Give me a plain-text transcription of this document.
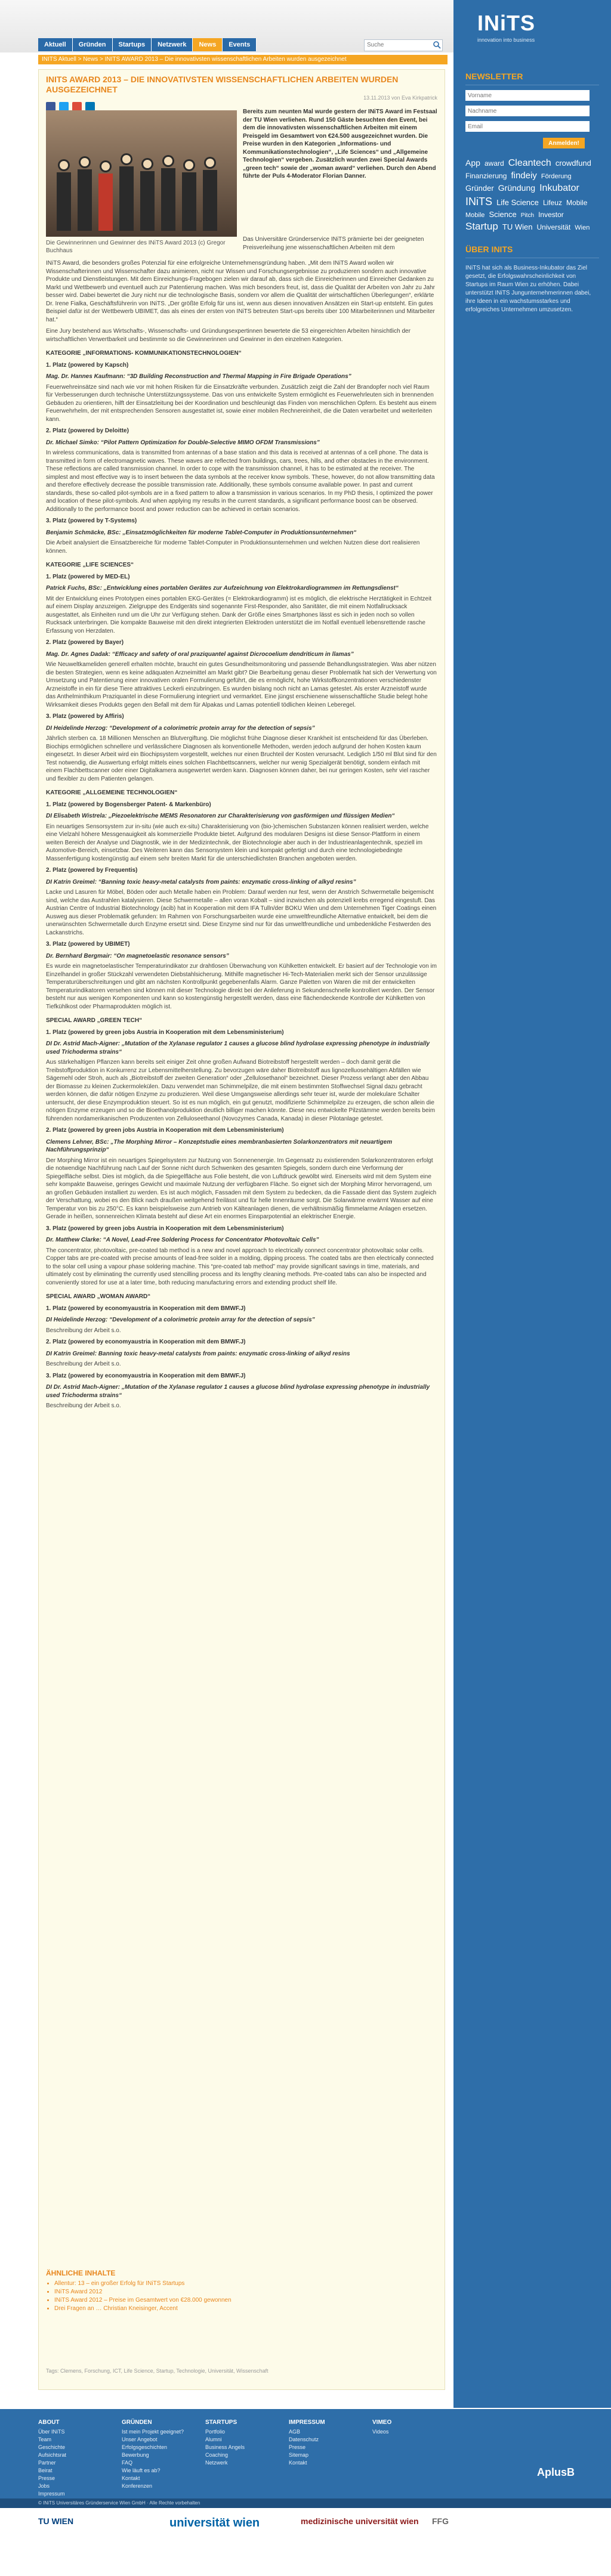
Aktuell	Gründen	Startups	Netzwerk	News	Events
Suche
INITS Aktuell > News > INITS AWARD 2013 – Die innovativsten wissenschaftlichen Arbeiten wurden ausgezeichnet
INiTS
innovation into business
NEWSLETTER
Vorname
Nachname
Email
Anmelden!
App award Cleantech crowdfund Finanzierung findeiy Förderung Gründer Gründung Inkubator INiTS Life Science Lifeuz Mobile Mobile Science Pitch Investor Startup TU Wien Universität Wien
ÜBER INITS
INiTS hat sich als Business-Inkubator das Ziel gesetzt, die Erfolgswahrscheinlichkeit von Startups im Raum Wien zu erhöhen. Dabei unterstützt INiTS Jungunternehmerinnen dabei, ihre Ideen in ein wachstumsstarkes und erfolgreiches Unternehmen umzusetzen.
INITS AWARD 2013 – DIE INNOVATIVSTEN WISSENSCHAFTLICHEN ARBEITEN WURDEN AUSGEZEICHNET
13.11.2013 von Eva Kirkpatrick
Die Gewinnerinnen und Gewinner des INiTS Award 2013 (c) Gregor Buchhaus
Bereits zum neunten Mal wurde gestern der INiTS Award im Festsaal der TU Wien verliehen. Rund 150 Gäste besuchten den Event, bei dem die innovativsten wissenschaftlichen Arbeiten mit einem Preisgeld im Gesamtwert von €24.500 ausgezeichnet wurden. Die Preise wurden in den Kategorien „Informations- und Kommunikationstechnologien“, „Life Sciences“ und „Allgemeine Technologien“ vergeben. Zusätzlich wurden zwei Special Awards „green tech“ sowie der „woman award“ verliehen. Durch den Abend führte der Puls 4-Moderator Florian Danner.
Das Universitäre Gründerservice INiTS prämierte bei der geeigneten Preisverleihung jene wissenschaftlichen Arbeiten mit dem

INiTS Award, die besonders großes Potenzial für eine erfolgreiche Unternehmensgründung haben. „Mit dem INiTS Award wollen wir Wissenschafterinnen und Wissenschafter dazu animieren, nicht nur Wissen und Forschungsergebnisse zu produzieren sondern auch innovative Produkte und Dienstleistungen. Mit dem Einreichungs-Fragebogen zielen wir darauf ab, dass sich die Einreicherinnen und Einreicher Gedanken zu Markt und Wettbewerb und eventuell auch zur Patentierung machen. Was mich besonders freut, ist, dass die Qualität der Arbeiten von Jahr zu Jahr besser wird. Dabei bewertet die Jury nicht nur die technologische Basis, sondern vor allem die Qualität der wirtschaftlichen Überlegungen“, erklärte Dr. Irene Fialka, Geschäftsführerin von INiTS. „Der größte Erfolg für uns ist, wenn aus diesen innovativen Ansätzen ein Start-up entsteht. Ein gutes Beispiel dafür ist der Wettbewerb UBIMET, das als eines der ersten von INiTS betreuten Start-ups bereits über 100 Mitarbeiterinnen und Mitarbeiter hat.“

Eine Jury bestehend aus Wirtschafts-, Wissenschafts- und Gründungsexpertinnen bewertete die 53 eingereichten Arbeiten hinsichtlich der wirtschaftlichen Verwertbarkeit und bestimmte so die Gewinnerinnen und Gewinner in den einzelnen Kategorien.

KATEGORIE „INFORMATIONS- KOMMUNIKATIONSTECHNOLOGIEN“
1. Platz (powered by Kapsch)
Mag. Dr. Hannes Kaufmann: “3D Building Reconstruction and Thermal Mapping in Fire Brigade Operations”

Feuerwehreinsätze sind nach wie vor mit hohen Risiken für die Einsatzkräfte verbunden. Zusätzlich zeigt die Zahl der Brandopfer noch viel Raum für Verbesserungen durch technische Unterstützungssysteme. Das von uns entwickelte System ermöglicht es Feuerwehrleuten sich in brennenden Gebäuden zu orientieren, hilft der Einsatzleitung bei der Koordination und beschleunigt das Finden von menschlichen Opfern. Es besteht aus einem Feuerwehrhelm, der mit entsprechenden Sensoren ausgestattet ist, sowie einer mobilen Rechnereinheit, die die Daten verarbeitet und weiterleiten kann.

2. Platz (powered by Deloitte)
Dr. Michael Simko: “Pilot Pattern Optimization for Double-Selective MIMO OFDM Transmissions”

In wireless communications, data is transmitted from antennas of a base station and this data is received at antennas of a cell phone. The data is transmitted in form of electromagnetic waves. These waves are reflected from buildings, cars, trees, hills, and other obstacles in the environment. These reflections are called transmission channel. In order to cope with the transmission channel, it has to be estimated at the receiver. The simplest and most effective way is to insert between the data symbols at the receiver know symbols. These, however, do not allow transmitting data and therefore effectively decrease the possible transmission rate. Additionally, these symbols consume available power. In past and current standards, these so-called pilot-symbols are in a fixed pattern to allow a transmission in various scenarios. In my PhD thesis, I optimized the power and location of these pilot-symbols. And when applying my results in the current standards, a significant performance boost can be observed. Additionally to the performance boost and power reduction can be achieved in certain scenarios.

3. Platz (powered by T-Systems)
Benjamin Schmäcke, BSc: „Einsatzmöglichkeiten für moderne Tablet-Computer in Produktionsunternehmen“

Die Arbeit analysiert die Einsatzbereiche für moderne Tablet-Computer in Produktionsunternehmen und welchen Nutzen diese dort realisieren können.

KATEGORIE „LIFE SCIENCES“
1. Platz (powered by MED-EL)
Patrick Fuchs, BSc: „Entwicklung eines portablen Gerätes zur Aufzeichnung von Elektrokardiogrammen im Rettungsdienst“

Mit der Entwicklung eines Prototypen eines portablen EKG-Gerätes (= Elektrokardiogramm) ist es möglich, die elektrische Herztätigkeit in Echtzeit auf einem Display anzuzeigen. Zielgruppe des Endgeräts sind sogenannte First-Responder, also Sanitäter, die mit einem Notfallrucksack ausgestattet, als Einheiten rund um die Uhr zur Verfügung stehen. Dank der Größe eines Smartphones lässt es sich in jeden noch so vollen Rucksack unterbringen. Die kompakte Bauweise mit den direkt integrierten Elektroden unterstützt die im Notfall eventuell lebensrettende rasche Erfassung von Herzdaten.

2. Platz (powered by Bayer)
Mag. Dr. Agnes Dadak: “Efficacy and safety of oral praziquantel against Dicrocoelium dendriticum in llamas”

Wie Neuweltkameliden generell erhalten möchte, braucht ein gutes Gesundheitsmonitoring und passende Behandlungsstrategien. Was aber nützen die besten Strategien, wenn es keine adäquaten Arzneimittel am Markt gibt? Die Bearbeitung genau dieser Problematik hat sich der Verwertung von Umsetzung und Patentierung einer innovativen oralen Formulierung geführt, die es ermöglicht, hohe Wirkstoffkonzentrationen verschiedenster Arzneistoffe in ein für diese Tiere attraktives Leckerli einzubringen. Es wurden bislang noch nicht an Lamas getestet. Als erster Arzneistoff wurde das Anthelminthikum Praziquantel in diese Formulierung integriert und vermarktet. Eine jüngst erschienene wissenschaftliche Studie belegt hohe Wirksamkeit dieses Produkts gegen den Befall mit dem für Alpakas und Lamas potentiell tödlichen kleinen Leberegel.

3. Platz (powered by Affiris)
DI Heidelinde Herzog: “Development of a colorimetric protein array for the detection of sepsis”

Jährlich sterben ca. 18 Millionen Menschen an Blutvergiftung. Die möglichst frühe Diagnose dieser Krankheit ist entscheidend für das Überleben. Biochips ermöglichen schnellere und verlässlichere Diagnosen als konventionelle Methoden, werden jedoch aufgrund der hohen Kosten kaum eingesetzt. In dieser Arbeit wird ein Biochipsystem vorgestellt, welches nur einen Bruchteil der Kosten verursacht. Lediglich 1/50 ml Blut sind für den Test notwendig, die Auswertung erfolgt mittels eines solchen Flachbettscanners, welcher nur wenig Spezialgerät benötigt, sondern einfach mit einem Flachbettscanner oder einer Digitalkamera ausgewertet werden kann. Diagnosen können daher, bei nur geringen Kosten, sehr viel rascher und flexibler zu dem Patienten gelangen.

KATEGORIE „ALLGEMEINE TECHNOLOGIEN“
1. Platz (powered by Bogensberger Patent- & Markenbüro)
DI Elisabeth Wistrela: „Piezoelektrische MEMS Resonatoren zur Charakterisierung von gasförmigen und flüssigen Medien“

Ein neuartiges Sensorsystem zur in-situ (wie auch ex-situ) Charakterisierung von (bio-)chemischen Substanzen können realisiert werden, welche eine Vielzahl höhere Messgenauigkeit als kommerzielle Produkte bietet. Aufgrund des modularen Designs ist diese Sensor-Plattform in einem weiten Bereich der Analyse und Diagnostik, wie in der Medizintechnik, der Biotechnologie aber auch in der Industrieanlagentechnik, speziell im Automotive-Bereich, einsetzbar. Des Weiteren kann das Sensorsystem klein und kompakt gefertigt und durch eine technologiebedingte Massenfertigung kostengünstig auf einem sehr breiten Markt für die unterschiedlichsten Branchen angeboten werden.

2. Platz (powered by Frequentis)
DI Katrin Greimel: “Banning toxic heavy-metal catalysts from paints: enzymatic cross-linking of alkyd resins”

Lacke und Lasuren für Möbel, Böden oder auch Metalle haben ein Problem: Darauf werden nur fest, wenn der Anstrich Schwermetalle beigemischt sind, welche das Austrahlen katalysieren. Diese Schwermetalle – allen voran Kobalt – sind inzwischen als potenziell krebs erregend eingestuft. Das Austrian Centre of Industrial Biotechnology (acib) hat in Kooperation mit dem IFA Tulln/der BOKU Wien und dem Unternehmen Tiger Coatings einen Ausweg aus dieser Problematik gefunden: Im Rahmen von Forschungsarbeiten wurde eine umweltfreundliche Alternative entwickelt, bei dem die unerwünschten Schwermetalle durch Enzyme ersetzt sind. Diese Enzyme sind nur für das umweltfreundliche und umbedenkliche Festwerden des Lackanstrichs.

3. Platz (powered by UBIMET)
Dr. Bernhard Bergmair: “On magnetoelastic resonance sensors”

Es wurde ein magnetoelastischer Temperaturindikator zur drahtlosen Überwachung von Kühlketten entwickelt. Er basiert auf der Technologie von im Einzelhandel in großer Stückzahl verwendeten Diebstahlsicherung. Mithilfe magnetischer Hi-Tech-Materialien merkt sich der Sensor unzulässige Temperaturüberschreitungen und gibt am nächsten Kontrollpunkt gegebenenfalls Alarm. Ganze Paletten von Waren die mit der entwickelten Temperaturindikatoren versehen sind können mit dieser Technologie direkt bei der Anlieferung in Sekundenschnelle kontrolliert werden. Der Sensor besteht nur aus wenigen Komponenten und kann so kostengünstig hergestellt werden, dass eine flächendeckende Kontrolle der Kühlketten von Tiefkühlkost oder Pharmaprodukten möglich ist.

SPECIAL AWARD „GREEN TECH“
1. Platz (powered by green jobs Austria in Kooperation mit dem Lebensministerium)
DI Dr. Astrid Mach-Aigner: „Mutation of the Xylanase regulator 1 causes a glucose blind hydrolase expressing phenotype in industrially used Trichoderma strains“

Aus stärkehaltigen Pflanzen kann bereits seit einiger Zeit ohne großen Aufwand Biotreibstoff hergestellt werden – doch damit gerät die Treibstoffproduktion in Konkurrenz zur Lebensmittelherstellung. Zu bevorzugen wäre daher Biotreibstoff aus lignozelluosehältigen Abfällen wie Sägemehl oder Stroh, auch als „Biotreibstoff der zweiten Generation“ oder „Zellulosethanol“ bezeichnet. Dieser Prozess verlangt aber den Abbau der Biomasse zu kleinen Zuckermolekülen. Dazu verwendet man Schimmelpilze, die mit einem bestimmten Stoffwechsel Signal dazu gebracht werden können, die dafür nötigen Enzyme zu produzieren. Weil diese Umgangsweise allerdings sehr teuer ist, wurde der molekulare Schalter untersucht, der diese Enzymproduktion steuert. So ist es nun möglich, ein gut genutzt, modifizierte Schimmelpilze zu erzeugen, die schon allein die nötigen Enzyme erzeugen und so die Bioethanolproduktion deutlich billiger machen könnte. Diese neu entwickelte Pilzstämme werden bereits beim führenden nordamerikanischen Produzenten von Zelluloseethanol (Novozymes Canada, Kanada) in dieser Pilotanlage getestet.

2. Platz (powered by green jobs Austria in Kooperation mit dem Lebensministerium)
Clemens Lehner, BSc: „The Morphing Mirror – Konzeptstudie eines membranbasierten Solarkonzentrators mit neuartigem Nachführungsprinzip“

Der Morphing Mirror ist ein neuartiges Spiegelsystem zur Nutzung von Sonnenenergie. Im Gegensatz zu existierenden Solarkonzentratoren erfolgt die notwendige Nachführung nach Lauf der Sonne nicht durch Schwenken des gesamten Spiegels, sondern durch eine Verformung der Spiegelfläche selbst. Dies ist möglich, da die Spiegelfläche aus Folie besteht, die von Luftdruck gewölbt wird. Einerseits wird mit dem System eine sehr kompakte Bauweise, geringes Gewicht und maximale Nutzung der verfügbaren Fläche. So eignet sich der Morphing Mirror hervorragend, um an großen Gebäuden installiert zu werden. Es ist auch möglich, Fassaden mit dem System zu bedecken, da die Fassade dient das System zugleich der Verschattung, wobei es den Blick nach draußen weitgehend freilässt und für helle Innenräume sorgt. Die Solarwärme erwärmt Wasser auf eine Temperatur von bis zu 250°C. Es kann beispielsweise zum Antrieb von Kälteanlagen dienen, die verhältnismäßig flimmelarme Anlagen ersetzen. Gerade in heißen, sonnenreichen Klimata besteht auf diese Art ein enormes Einsparpotential an elektrischer Energie.

3. Platz (powered by green jobs Austria in Kooperation mit dem Lebensministerium)
Dr. Matthew Clarke: “A Novel, Lead-Free Soldering Process for Concentrator Photovoltaic Cells”

The concentrator, photovoltaic, pre-coated tab method is a new and novel approach to electrically connect concentrator photovoltaic solar cells. Copper tabs are pre-coated with precise amounts of lead-free solder in a molding, dipping process. The coated tabs are then electrically connected to the solar cell using a vapour phase soldering machine. This “pre-coated tab method” may provide significant savings in time, materials, and ultimately cost by eliminating the currently used stencilling process and its lengthy cleaning methods. Pre-coated tabs can also be inspected and conveniently stored for use at a later time, both reducing manufacturing errors and extending product shelf life.

SPECIAL AWARD „WOMAN AWARD“
1. Platz (powered by economyaustria in Kooperation mit dem BMWF.J)
DI Heidelinde Herzog: “Development of a colorimetric protein array for the detection of sepsis”

Beschreibung der Arbeit s.o.

2. Platz (powered by economyaustria in Kooperation mit dem BMWF.J)
DI Katrin Greimel: Banning toxic heavy-metal catalysts from paints: enzymatic cross-linking of alkyd resins

Beschreibung der Arbeit s.o.

3. Platz (powered by economyaustria in Kooperation mit dem BMWF.J)
DI Dr. Astrid Mach-Aigner: „Mutation of the Xylanase regulator 1 causes a glucose blind hydrolase expressing phenotype in industrially used Trichoderma strains“

Beschreibung der Arbeit s.o.

ÄHNLICHE INHALTE
• Allentur: 13 – ein großer Erfolg für INiTS Startups
• INiTS Award 2012
• INiTS Award 2012 – Preise im Gesamtwert von €28.000 gewonnen
• Drei Fragen an … Christian Kneisinger, Accent
Tags: Clemens, Forschung, ICT, Life Science, Startup, Technologie, Universität, Wissenschaft
AplusB
ABOUT
Über INiTS
Team
Geschichte
Aufsichtsrat
Partner
Beirat
Presse
Jobs
Impressum
GRÜNDEN
Ist mein Projekt geeignet?
Unser Angebot
Erfolgsgeschichten
Bewerbung
FAQ
Wie läuft es ab?
Kontakt
Konferenzen
STARTUPS
Portfolio
Alumni
Business Angels
Coaching
Netzwerk
IMPRESSUM
AGB
Datenschutz
Presse
Sitemap
Kontakt
VIMEO
Videos
© INiTS Universitäres Gründerservice Wien GmbH · Alle Rechte vorbehalten
TU WIEN	universität wien	medizinische universität wien FFG
